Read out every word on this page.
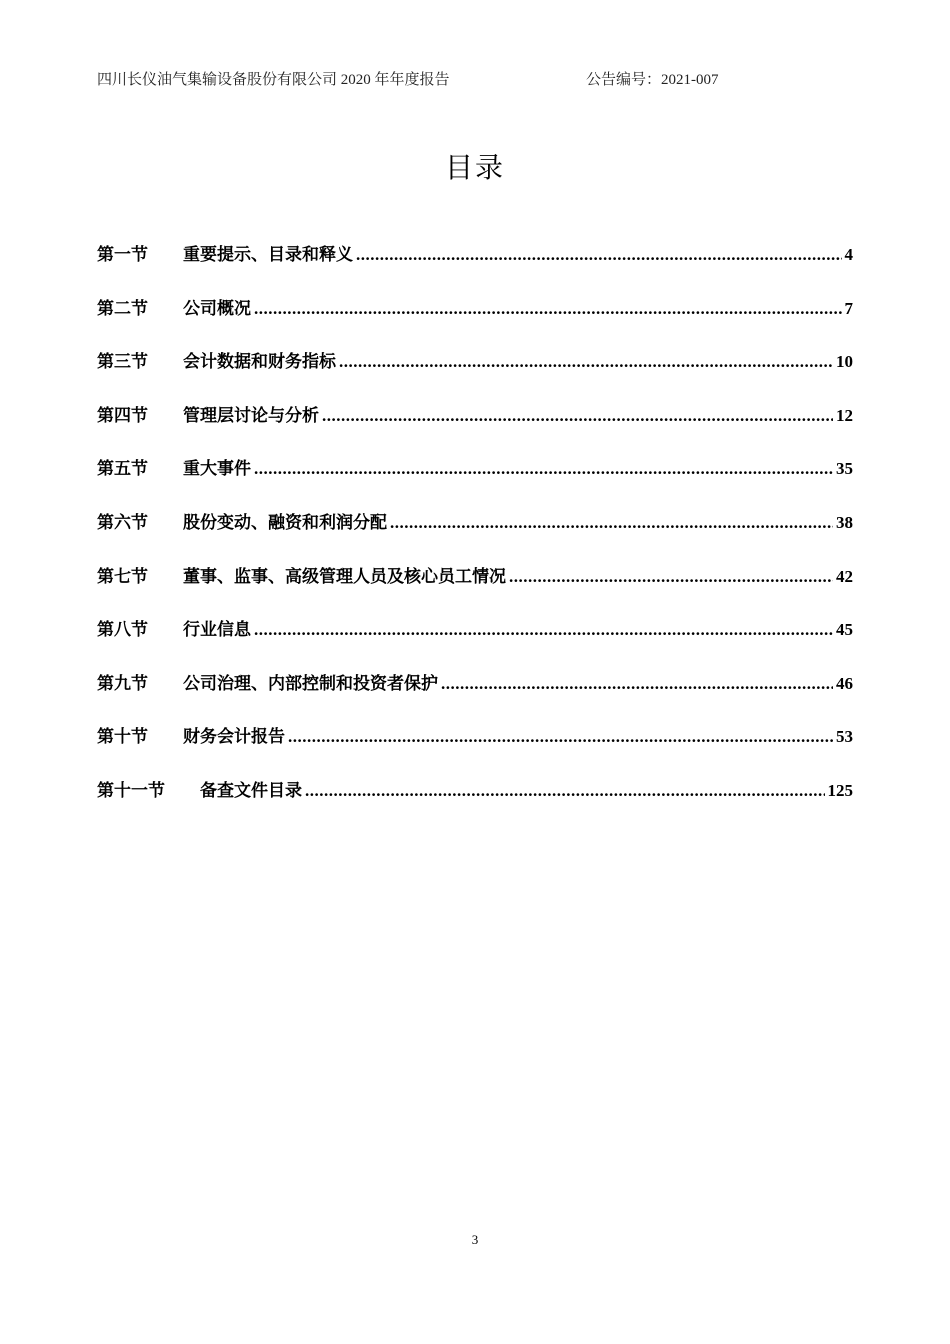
四川长仪油气集输设备股份有限公司 2020 年年度报告	公告编号：2021-007
目录
第一节	重要提示、目录和释义 .....	4
第二节	公司概况 .....	7
第三节	会计数据和财务指标 .....	10
第四节	管理层讨论与分析 .....	12
第五节	重大事件 .....	35
第六节	股份变动、融资和利润分配 .....	38
第七节	董事、监事、高级管理人员及核心员工情况 .....	42
第八节	行业信息 .....	45
第九节	公司治理、内部控制和投资者保护 .....	46
第十节	财务会计报告 .....	53
第十一节	备查文件目录 .....	125
3
